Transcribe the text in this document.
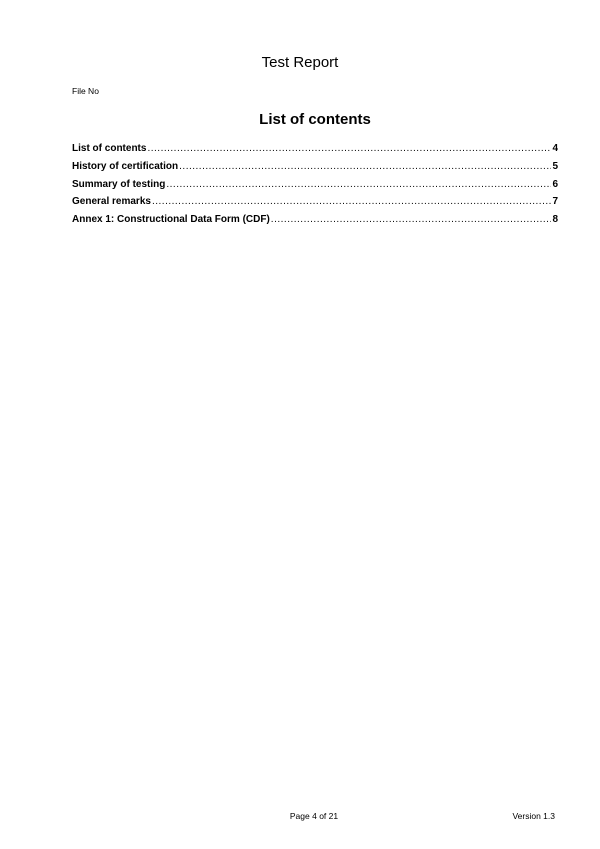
Test Report
File No
List of contents
List of contents .....	4
History of certification .....	5
Summary of testing .....	6
General remarks .....	7
Annex 1: Constructional Data Form (CDF) .....	8
Page 4 of 21	Version 1.3
